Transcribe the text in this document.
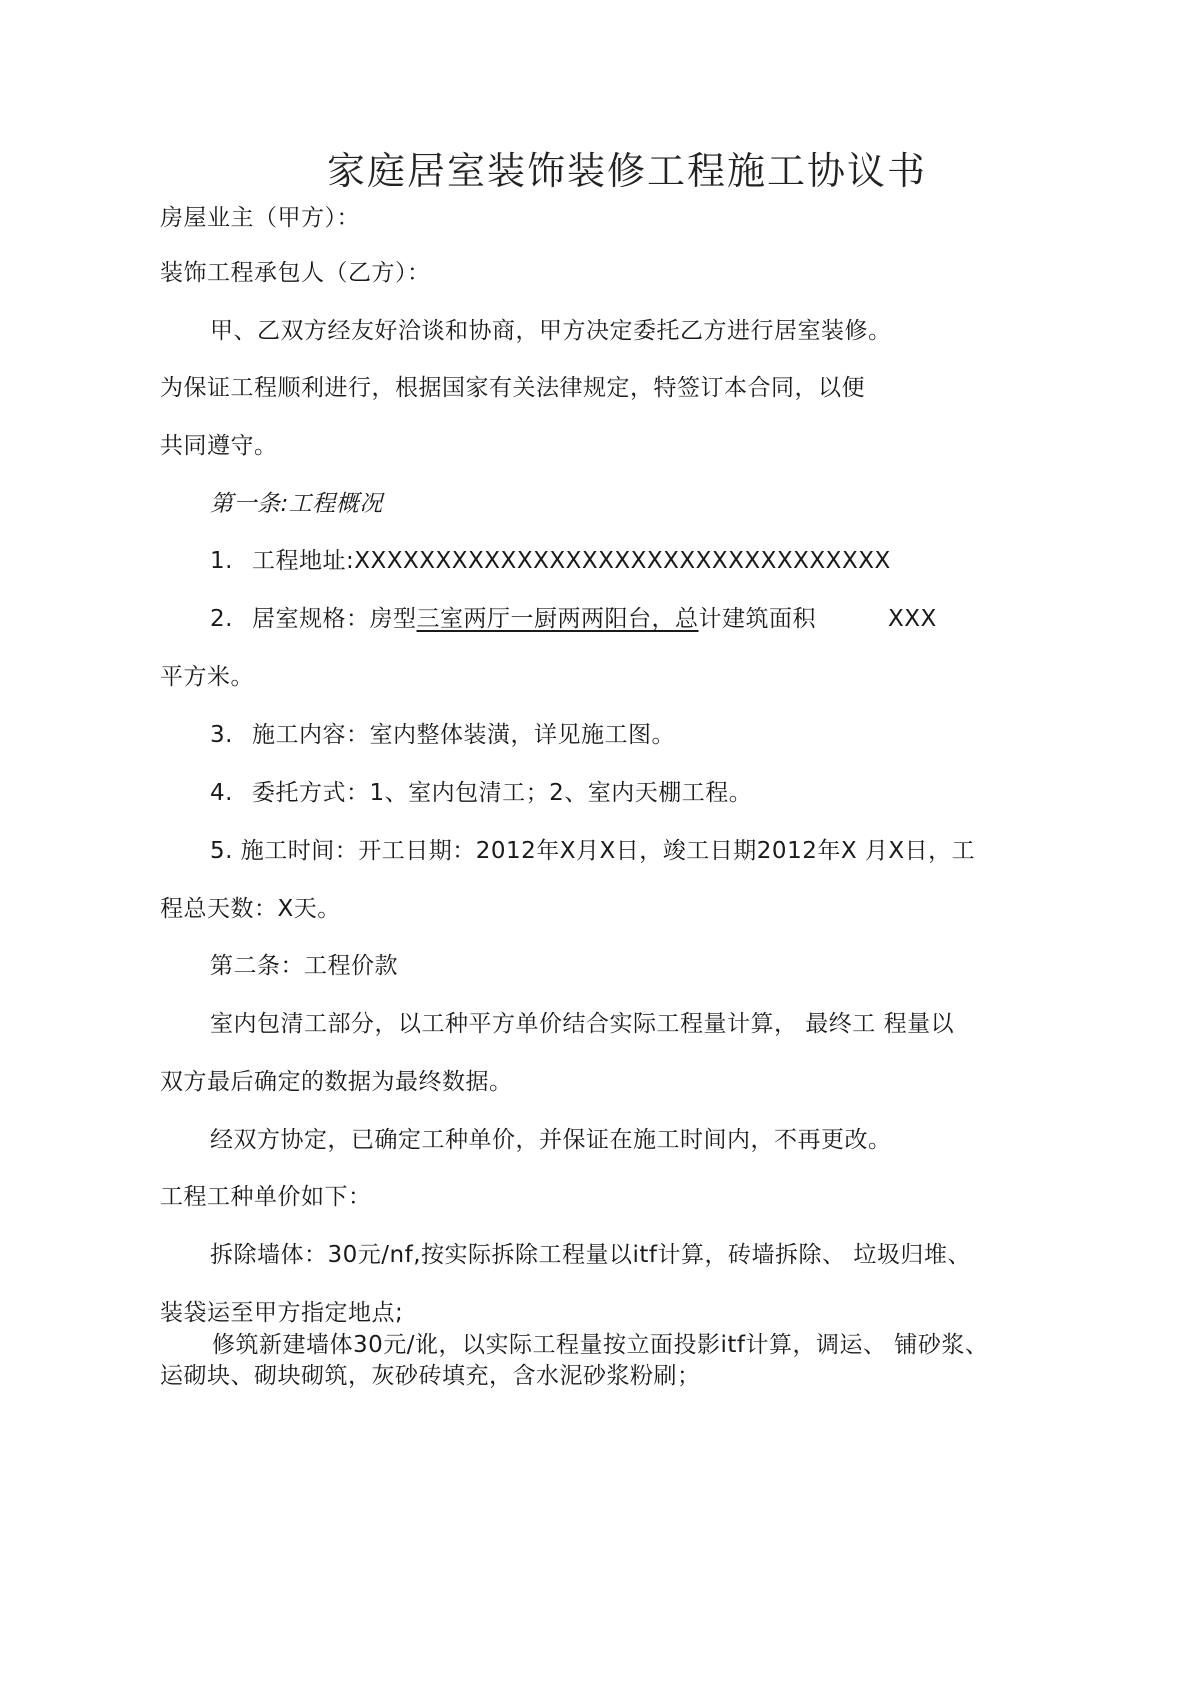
家庭居室装饰装修工程施工协议书
房屋业主（甲方）：
装饰工程承包人（乙方）：
甲、乙双方经友好洽谈和协商，甲方决定委托乙方进行居室装修。
为保证工程顺利进行，根据国家有关法律规定，特签订本合同，以便
共同遵守。
第一条:工程概况
1. 工程地址:XXXXXXXXXXXXXXXXXXXXXXXXXXXXXXXXX
2. 居室规格：房型三室两厅一厨两两阳台，总计建筑面积	XXX
平方米。
3. 施工内容：室内整体装潢，详见施工图。
4. 委托方式：1、室内包清工；2、室内天棚工程。
5. 施工时间：开工日期：2012年X月X日，竣工日期2012年X 月X日，工
程总天数：X天。
第二条：工程价款
室内包清工部分，以工种平方单价结合实际工程量计算， 最终工 程量以
双方最后确定的数据为最终数据。
经双方协定，已确定工种单价，并保证在施工时间内，不再更改。
工程工种单价如下：
拆除墙体：30元/nf,按实际拆除工程量以itf计算，砖墙拆除、 垃圾归堆、
装袋运至甲方指定地点;
修筑新建墙体30元/讹，以实际工程量按立面投影itf计算，调运、 铺砂浆、
运砌块、砌块砌筑，灰砂砖填充，含水泥砂浆粉刷；
